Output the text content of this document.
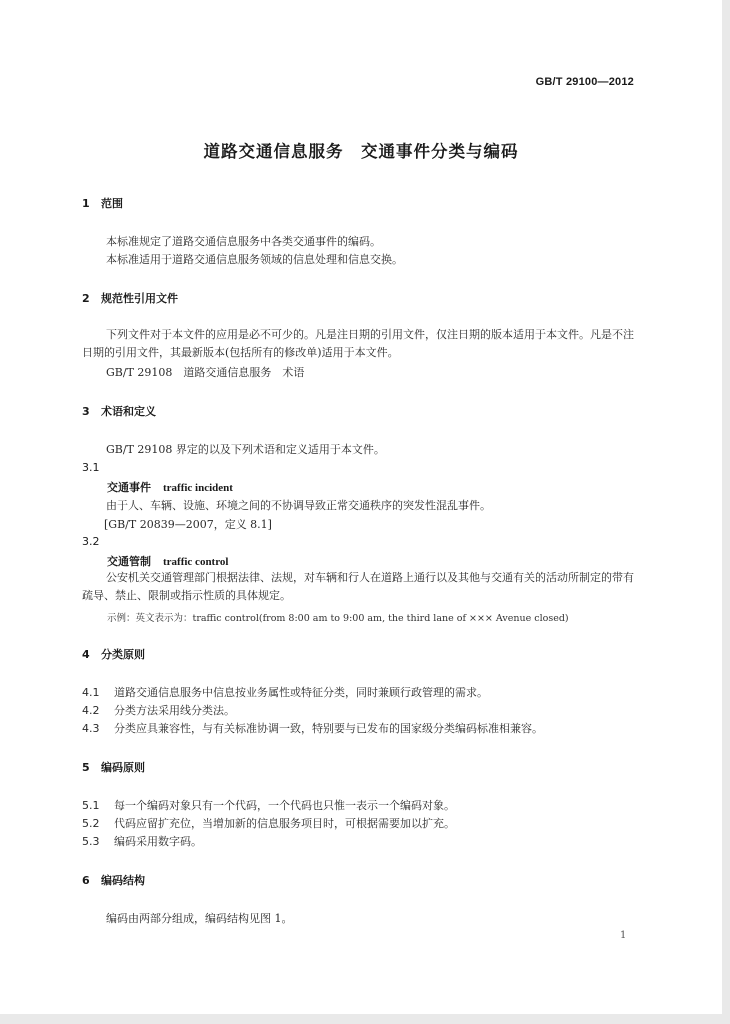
GB/T 29100—2012
道路交通信息服务　交通事件分类与编码
1 范围
本标准规定了道路交通信息服务中各类交通事件的编码。
本标准适用于道路交通信息服务领域的信息处理和信息交换。
2 规范性引用文件
下列文件对于本文件的应用是必不可少的。凡是注日期的引用文件，仅注日期的版本适用于本文件。凡是不注日期的引用文件，其最新版本(包括所有的修改单)适用于本文件。
GB/T 29108　道路交通信息服务　术语
3 术语和定义
GB/T 29108 界定的以及下列术语和定义适用于本文件。
3.1
交通事件 traffic incident
由于人、车辆、设施、环境之间的不协调导致正常交通秩序的突发性混乱事件。
[GB/T 20839—2007，定义 8.1]
3.2
交通管制 traffic control
公安机关交通管理部门根据法律、法规，对车辆和行人在道路上通行以及其他与交通有关的活动所制定的带有疏导、禁止、限制或指示性质的具体规定。
示例：英文表示为：traffic control(from 8:00 am to 9:00 am, the third lane of ××× Avenue closed)
4 分类原则
4.1 道路交通信息服务中信息按业务属性或特征分类，同时兼顾行政管理的需求。
4.2 分类方法采用线分类法。
4.3 分类应具兼容性，与有关标准协调一致，特别要与已发布的国家级分类编码标准相兼容。
5 编码原则
5.1 每一个编码对象只有一个代码，一个代码也只惟一表示一个编码对象。
5.2 代码应留扩充位，当增加新的信息服务项目时，可根据需要加以扩充。
5.3 编码采用数字码。
6 编码结构
编码由两部分组成，编码结构见图 1。
1
